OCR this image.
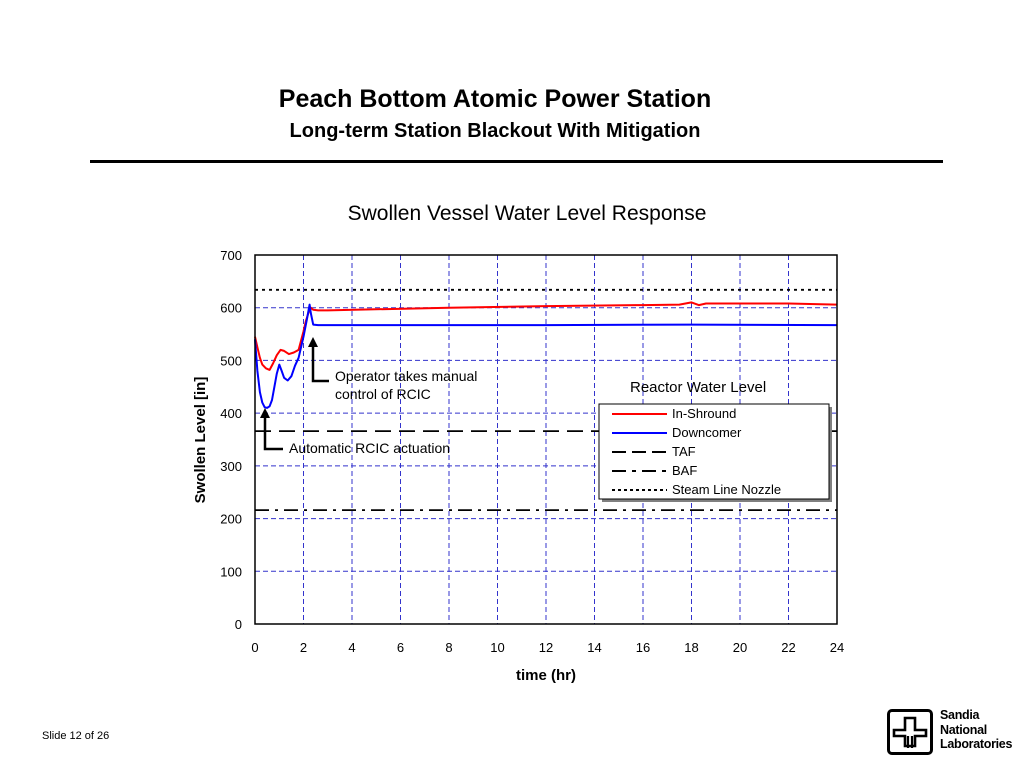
Peach Bottom Atomic Power Station
Long-term Station Blackout With Mitigation
Swollen Vessel Water Level Response
0	2	4	6	8	10	12	14	16	18	20	22	24
0
100
200
300
400
500
600
700
time (hr)
Swollen Level [in]
Operator takes manual
control of RCIC
Automatic RCIC actuation
Reactor Water Level
In-Shround
Downcomer
TAF
BAF
Steam Line Nozzle
Slide 12 of 26
Sandia
National
Laboratories
